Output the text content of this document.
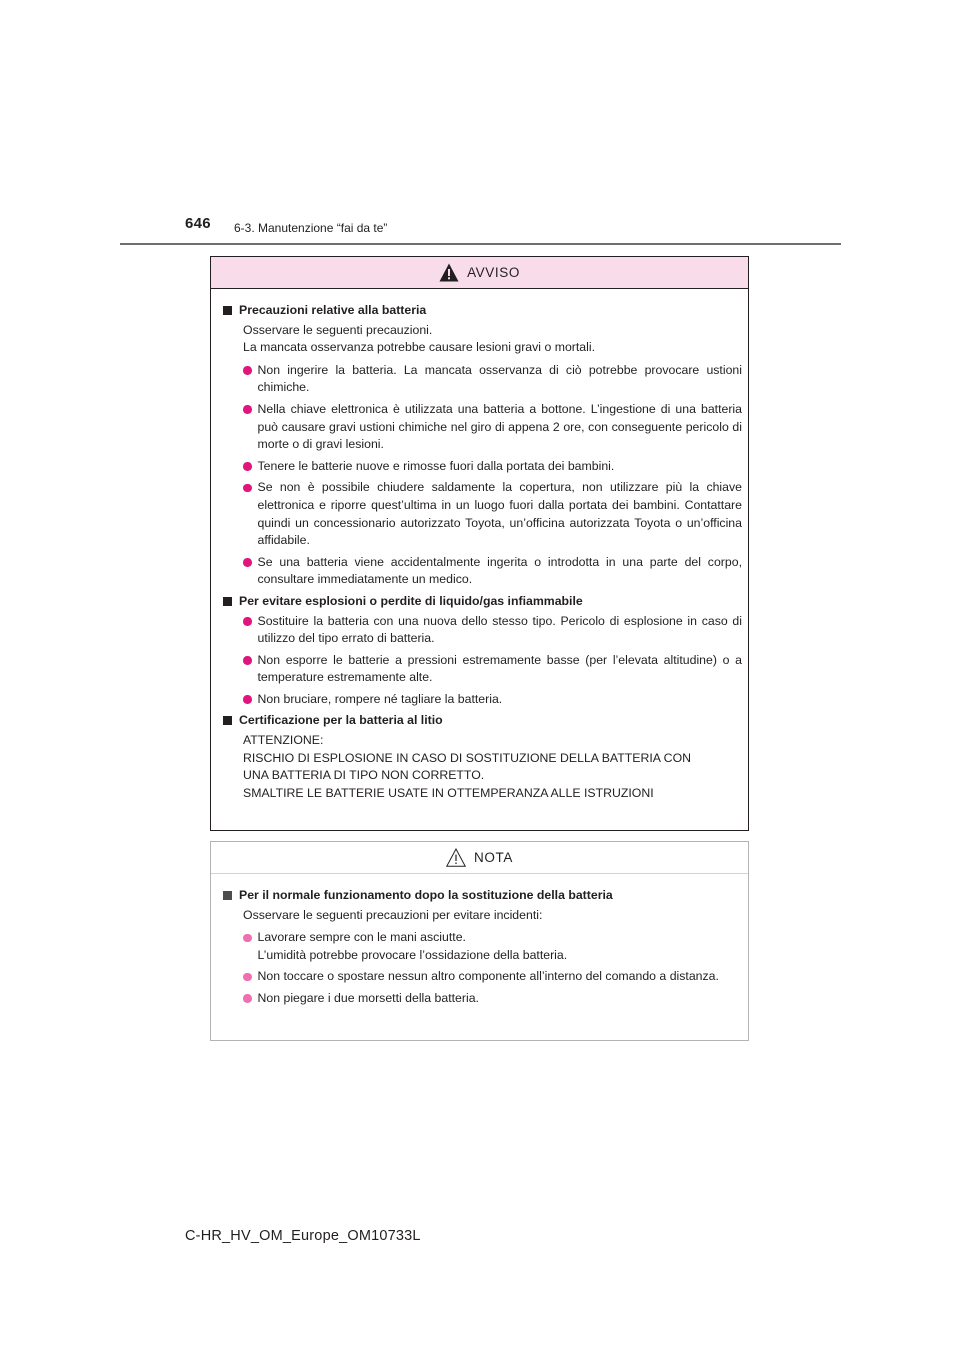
646 6-3. Manutenzione “fai da te”
AVVISO
Precauzioni relative alla batteria
Osservare le seguenti precauzioni.
La mancata osservanza potrebbe causare lesioni gravi o mortali.
Non ingerire la batteria. La mancata osservanza di ciò potrebbe provocare ustioni chimiche.
Nella chiave elettronica è utilizzata una batteria a bottone. L’ingestione di una batteria può causare gravi ustioni chimiche nel giro di appena 2 ore, con conseguente pericolo di morte o di gravi lesioni.
Tenere le batterie nuove e rimosse fuori dalla portata dei bambini.
Se non è possibile chiudere saldamente la copertura, non utilizzare più la chiave elettronica e riporre quest’ultima in un luogo fuori dalla portata dei bambini. Contattare quindi un concessionario autorizzato Toyota, un’officina autorizzata Toyota o un’officina affidabile.
Se una batteria viene accidentalmente ingerita o introdotta in una parte del corpo, consultare immediatamente un medico.
Per evitare esplosioni o perdite di liquido/gas infiammabile
Sostituire la batteria con una nuova dello stesso tipo. Pericolo di esplosione in caso di utilizzo del tipo errato di batteria.
Non esporre le batterie a pressioni estremamente basse (per l’elevata altitudine) o a temperature estremamente alte.
Non bruciare, rompere né tagliare la batteria.
Certificazione per la batteria al litio
ATTENZIONE:
RISCHIO DI ESPLOSIONE IN CASO DI SOSTITUZIONE DELLA BATTERIA CON
UNA BATTERIA DI TIPO NON CORRETTO.
SMALTIRE LE BATTERIE USATE IN OTTEMPERANZA ALLE ISTRUZIONI
NOTA
Per il normale funzionamento dopo la sostituzione della batteria
Osservare le seguenti precauzioni per evitare incidenti:
Lavorare sempre con le mani asciutte.
L’umidità potrebbe provocare l’ossidazione della batteria.
Non toccare o spostare nessun altro componente all’interno del comando a distanza.
Non piegare i due morsetti della batteria.
C-HR_HV_OM_Europe_OM10733L
